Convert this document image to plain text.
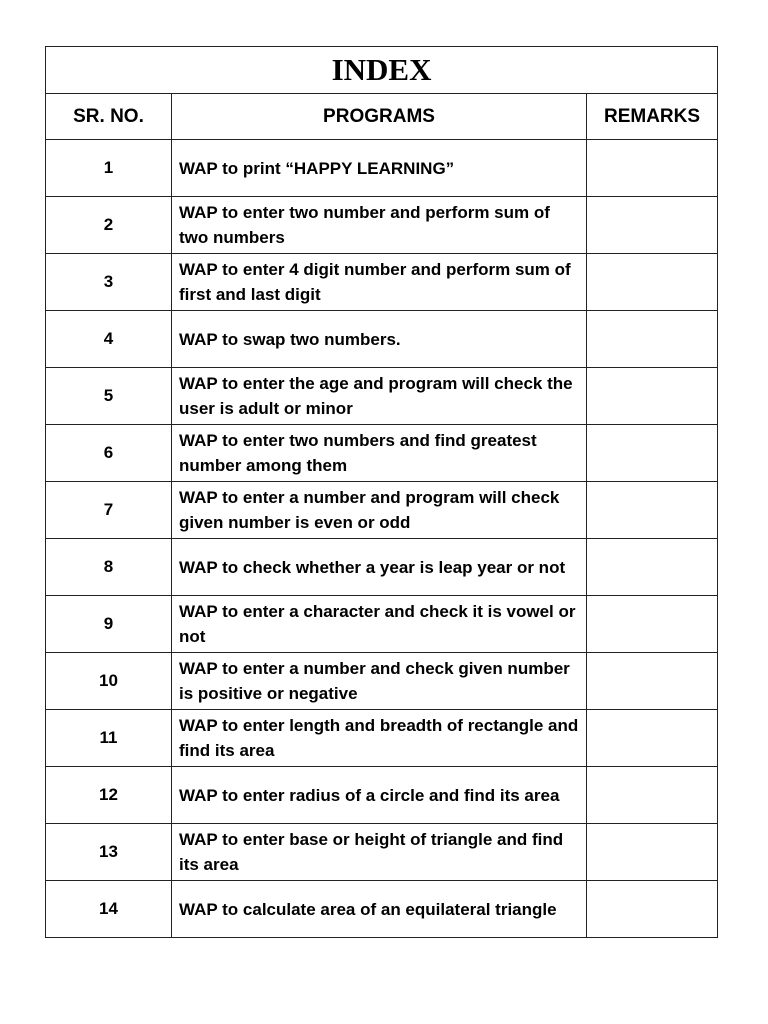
INDEX		
SR. NO.	PROGRAMS	REMARKS
1	WAP to print “HAPPY LEARNING”	
2	WAP to enter two number and perform sum of two numbers	
3	WAP to enter 4 digit number and perform sum of first and last digit	
4	WAP to swap two numbers.	
5	WAP to enter the age and program will check the user is adult or minor	
6	WAP to enter two numbers and find greatest number among them	
7	WAP to enter a number and program will check given number is even or odd	
8	WAP to check whether a year is leap year or not	
9	WAP to enter a character and check it is vowel or not	
10	WAP to enter a number and check given number is positive or negative	
11	WAP to enter length and breadth of rectangle and find its area	
12	WAP to enter radius of a circle and find its area	
13	WAP to enter base or height of triangle and find its area	
14	WAP to calculate area of an equilateral triangle	
